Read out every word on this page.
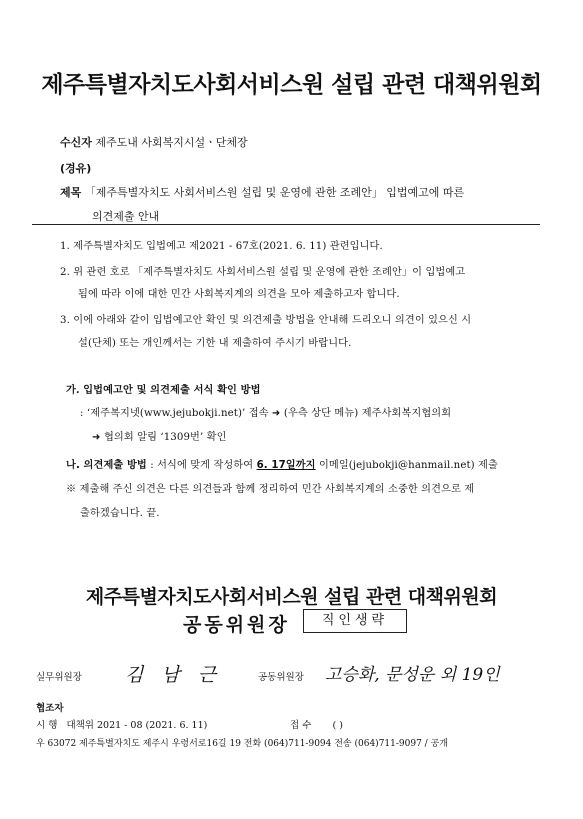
제주특별자치도사회서비스원 설립 관련 대책위원회
수신자 제주도내 사회복지시설ㆍ단체장
(경유)
제목 「제주특별자치도 사회서비스원 설립 및 운영에 관한 조례안」 입법예고에 따른
의견제출 안내
1. 제주특별자치도 입법예고 제2021 - 67호(2021. 6. 11) 관련입니다.
2. 위 관련 호로 「제주특별자치도 사회서비스원 설립 및 운영에 관한 조례안」이 입법예고
됨에 따라 이에 대한 민간 사회복지계의 의견을 모아 제출하고자 합니다.
3. 이에 아래와 같이 입법예고안 확인 및 의견제출 방법을 안내해 드리오니 의견이 있으신 시
설(단체) 또는 개인께서는 기한 내 제출하여 주시기 바랍니다.
가. 입법예고안 및 의견제출 서식 확인 방법
: ‘제주복지넷(www.jejubokji.net)’ 접속 ➜ (우측 상단 메뉴) 제주사회복지협의회
➜ 협의회 알림 ‘1309번’ 확인
나. 의견제출 방법 : 서식에 맞게 작성하여 6. 17일까지 이메일(jejubokji@hanmail.net) 제출
※ 제출해 주신 의견은 다른 의견들과 함께 정리하여 민간 사회복지계의 소중한 의견으로 제
출하겠습니다. 끝.
제주특별자치도사회서비스원 설립 관련 대책위원회
공동위원장	직인생략
실무위원장 김 남 근	공동위원장 고승화, 문성운 외 19인
협조자
시 행 대책위 2021 - 08 (2021. 6. 11)	접 수 ( )
우 63072 제주특별자치도 제주시 우령서로16길 19 전화 (064)711-9094 전송 (064)711-9097 / 공개
